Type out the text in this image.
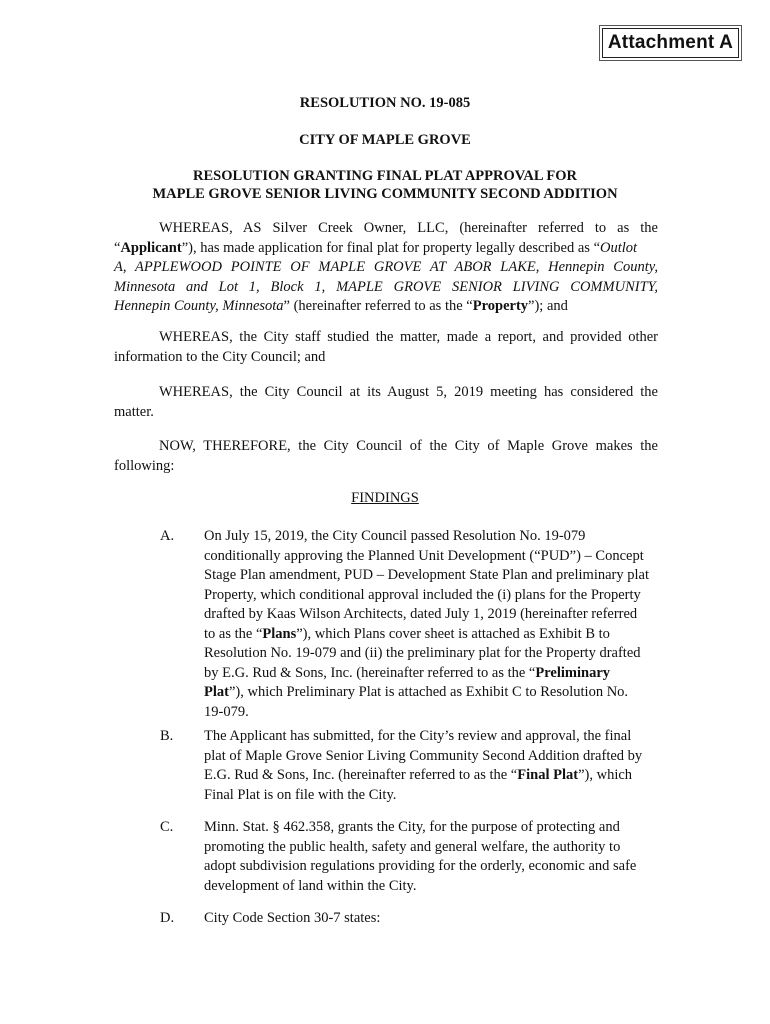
Attachment A
RESOLUTION NO. 19-085
CITY OF MAPLE GROVE
RESOLUTION GRANTING FINAL PLAT APPROVAL FOR
MAPLE GROVE SENIOR LIVING COMMUNITY SECOND ADDITION
WHEREAS, AS Silver Creek Owner, LLC, (hereinafter referred to as the
“Applicant”), has made application for final plat for property legally described as “Outlot
A, APPLEWOOD POINTE OF MAPLE GROVE AT ABOR LAKE, Hennepin County,
Minnesota and Lot 1, Block 1, MAPLE GROVE SENIOR LIVING COMMUNITY,
Hennepin County, Minnesota” (hereinafter referred to as the “Property”); and
WHEREAS, the City staff studied the matter, made a report, and provided other
information to the City Council; and
WHEREAS, the City Council at its August 5, 2019 meeting has considered the
matter.
NOW, THEREFORE, the City Council of the City of Maple Grove makes the
following:
FINDINGS
A. On July 15, 2019, the City Council passed Resolution No. 19-079
conditionally approving the Planned Unit Development (“PUD”) – Concept
Stage Plan amendment, PUD – Development State Plan and preliminary plat
Property, which conditional approval included the (i) plans for the Property
drafted by Kaas Wilson Architects, dated July 1, 2019 (hereinafter referred
to as the “Plans”), which Plans cover sheet is attached as Exhibit B to
Resolution No. 19-079 and (ii) the preliminary plat for the Property drafted
by E.G. Rud & Sons, Inc. (hereinafter referred to as the “Preliminary
Plat”), which Preliminary Plat is attached as Exhibit C to Resolution No.
19-079.
B. The Applicant has submitted, for the City’s review and approval, the final
plat of Maple Grove Senior Living Community Second Addition drafted by
E.G. Rud & Sons, Inc. (hereinafter referred to as the “Final Plat”), which
Final Plat is on file with the City.
C. Minn. Stat. § 462.358, grants the City, for the purpose of protecting and
promoting the public health, safety and general welfare, the authority to
adopt subdivision regulations providing for the orderly, economic and safe
development of land within the City.
D. City Code Section 30-7 states:
